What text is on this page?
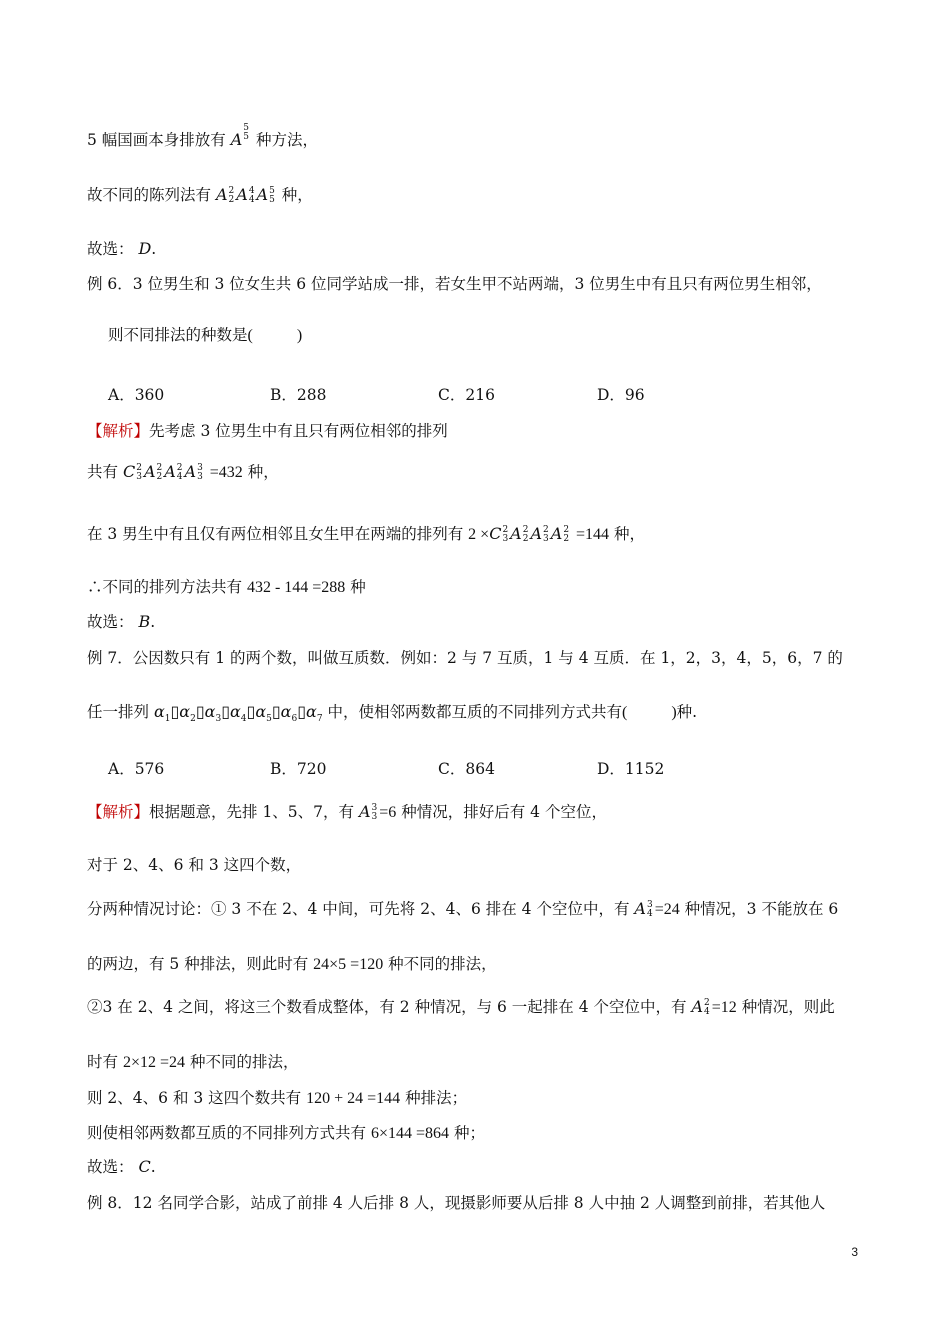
5 幅国画本身排放有 A
5
5 种方法，
故不同的陈列法有 A 2
2 A 4
4 A 5
5 种，
故选： D.
例 6．3 位男生和 3 位女生共 6 位同学站成一排，若女生甲不站两端，3 位男生中有且只有两位男生相邻，
则不同排法的种数是(	)
A．360	B．288	C．216	D．96
【解析】先考虑 3 位男生中有且只有两位相邻的排列
共有 C 2
3 A 2
2 A 2
4 A 3
3 =432 种，
在 3 男生中有且仅有两位相邻且女生甲在两端的排列有 2 ×C 2
3 A 2
2 A 2
3 A 2
2 =144 种，
∴不同的排列方法共有 432 - 144 =288 种
故选： B.
例 7．公因数只有 1 的两个数，叫做互质数．例如：2 与 7 互质，1 与 4 互质．在 1，2，3，4，5，6，7 的
任一排列 $\alpha_1▯\alpha_2▯\alpha_3▯\alpha_4▯\alpha_5▯\alpha_6▯\alpha_7$ 中，使相邻两数都互质的不同排列方式共有(	)种.
A．576	B．720	C．864	D．1152
【解析】根据题意，先排 1、5、7，有 A 3
3 =6 种情况，排好后有 4 个空位，
对于 2、4、6 和 3 这四个数，
分两种情况讨论：① 3 不在 2、4 中间，可先将 2、4、6 排在 4 个空位中，有 A 3
4 =24 种情况，3 不能放在 6
的两边，有 5 种排法，则此时有 24×5 =120 种不同的排法，
②3 在 2、4 之间，将这三个数看成整体，有 2 种情况，与 6 一起排在 4 个空位中，有 A 2
4 =12 种情况，则此
时有 2×12 =24 种不同的排法，
则 2、4、6 和 3 这四个数共有 120 + 24 =144 种排法；
则使相邻两数都互质的不同排列方式共有 6×144 =864 种；
故选： C.
例 8．12 名同学合影，站成了前排 4 人后排 8 人，现摄影师要从后排 8 人中抽 2 人调整到前排，若其他人
3
